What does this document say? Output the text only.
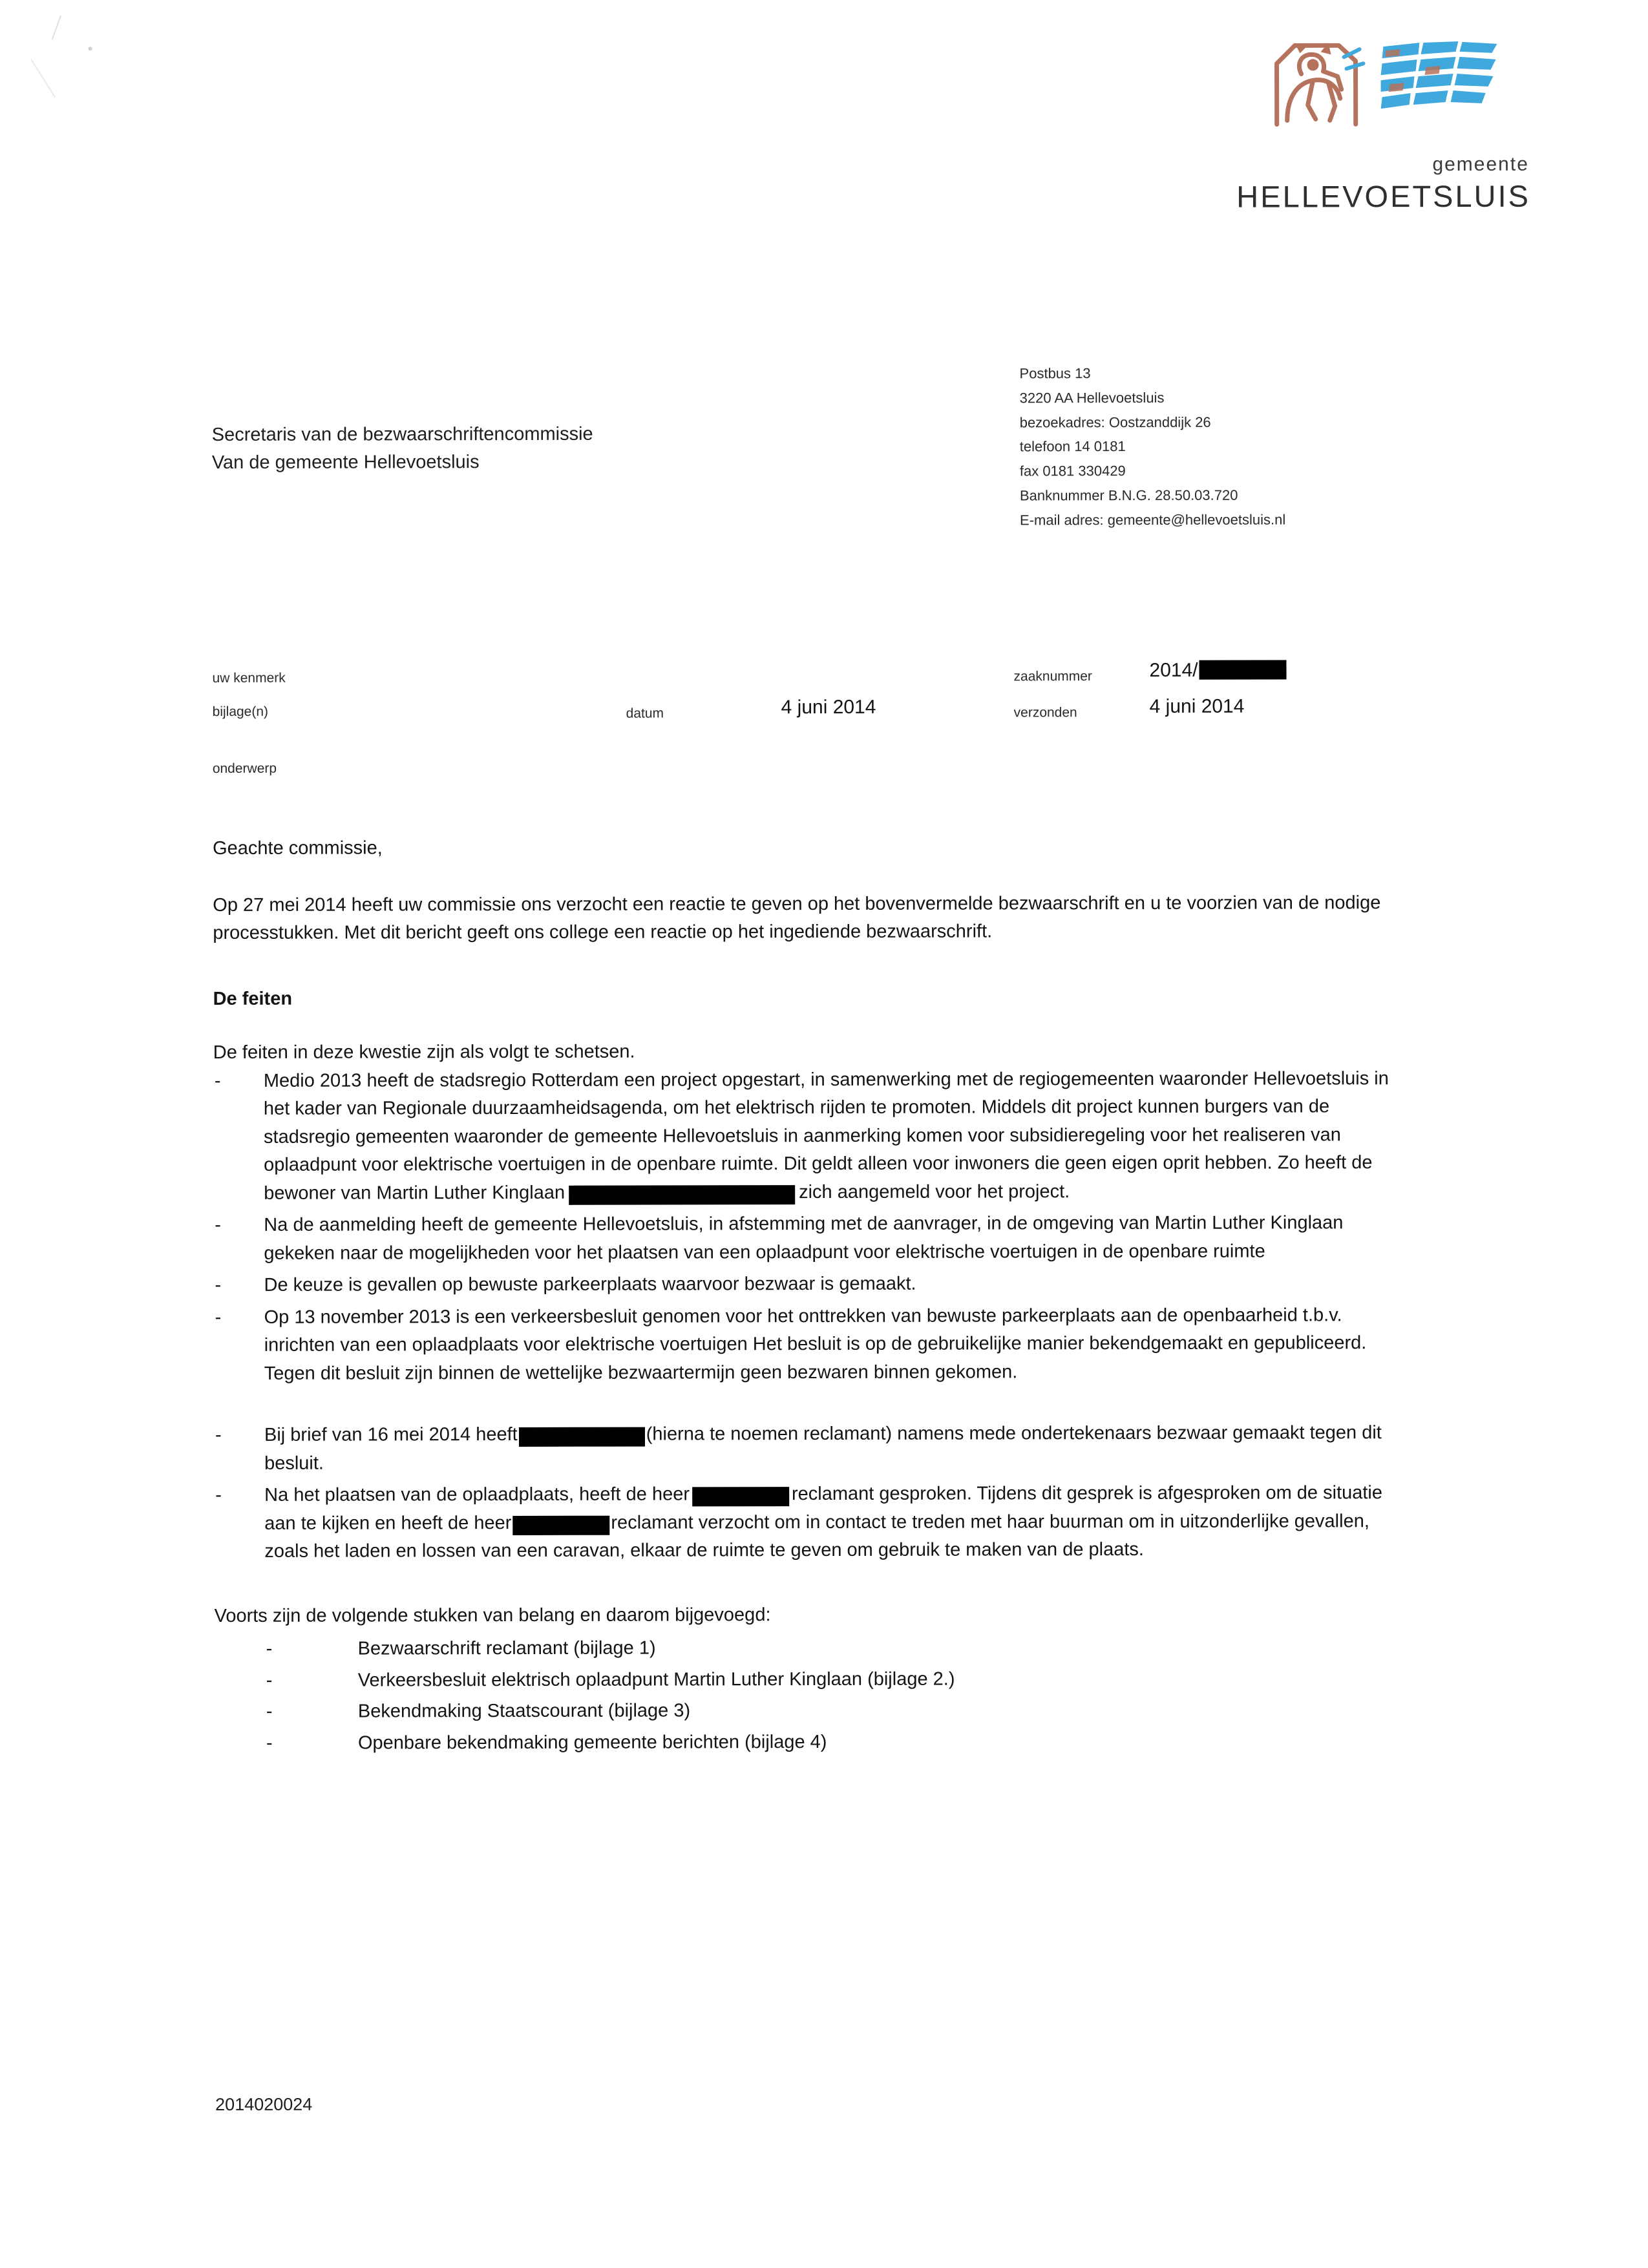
gemeente
HELLEVOETSLUIS
Secretaris van de bezwaarschriftencommissie
Van de gemeente Hellevoetsluis
Postbus 13
3220 AA Hellevoetsluis
bezoekadres: Oostzanddijk 26
telefoon 14 0181
fax 0181 330429
Banknummer B.N.G. 28.50.03.720
E-mail adres: gemeente@hellevoetsluis.nl
uw kenmerk
bijlage(n)
onderwerp
datum	4 juni 2014
zaaknummer	2014/
verzonden	4 juni 2014
Geachte commissie,
Op 27 mei 2014 heeft uw commissie ons verzocht een reactie te geven op het bovenvermelde bezwaarschrift en u te voorzien van de nodige processtukken. Met dit bericht geeft ons college een reactie op het ingediende bezwaarschrift.
De feiten
De feiten in deze kwestie zijn als volgt te schetsen.
- Medio 2013 heeft de stadsregio Rotterdam een project opgestart, in samenwerking met de regiogemeenten waaronder Hellevoetsluis in het kader van Regionale duurzaamheidsagenda, om het elektrisch rijden te promoten. Middels dit project kunnen burgers van de stadsregio gemeenten waaronder de gemeente Hellevoetsluis in aanmerking komen voor subsidieregeling voor het realiseren van oplaadpunt voor elektrische voertuigen in de openbare ruimte. Dit geldt alleen voor inwoners die geen eigen oprit hebben. Zo heeft de bewoner van Martin Luther Kinglaan	zich aangemeld voor het project.
- Na de aanmelding heeft de gemeente Hellevoetsluis, in afstemming met de aanvrager, in de omgeving van Martin Luther Kinglaan gekeken naar de mogelijkheden voor het plaatsen van een oplaadpunt voor elektrische voertuigen in de openbare ruimte
- De keuze is gevallen op bewuste parkeerplaats waarvoor bezwaar is gemaakt.
- Op 13 november 2013 is een verkeersbesluit genomen voor het onttrekken van bewuste parkeerplaats aan de openbaarheid t.b.v. inrichten van een oplaadplaats voor elektrische voertuigen Het besluit is op de gebruikelijke manier bekendgemaakt en gepubliceerd. Tegen dit besluit zijn binnen de wettelijke bezwaartermijn geen bezwaren binnen gekomen.
- Bij brief van 16 mei 2014 heeft	(hierna te noemen reclamant) namens mede ondertekenaars bezwaar gemaakt tegen dit besluit.
- Na het plaatsen van de oplaadplaats, heeft de heer	reclamant gesproken. Tijdens dit gesprek is afgesproken om de situatie aan te kijken en heeft de heer	reclamant verzocht om in contact te treden met haar buurman om in uitzonderlijke gevallen, zoals het laden en lossen van een caravan, elkaar de ruimte te geven om gebruik te maken van de plaats.
Voorts zijn de volgende stukken van belang en daarom bijgevoegd:
-	Bezwaarschrift reclamant (bijlage 1)
-	Verkeersbesluit elektrisch oplaadpunt Martin Luther Kinglaan (bijlage 2.)
-	Bekendmaking Staatscourant (bijlage 3)
-	Openbare bekendmaking gemeente berichten (bijlage 4)
2014020024
